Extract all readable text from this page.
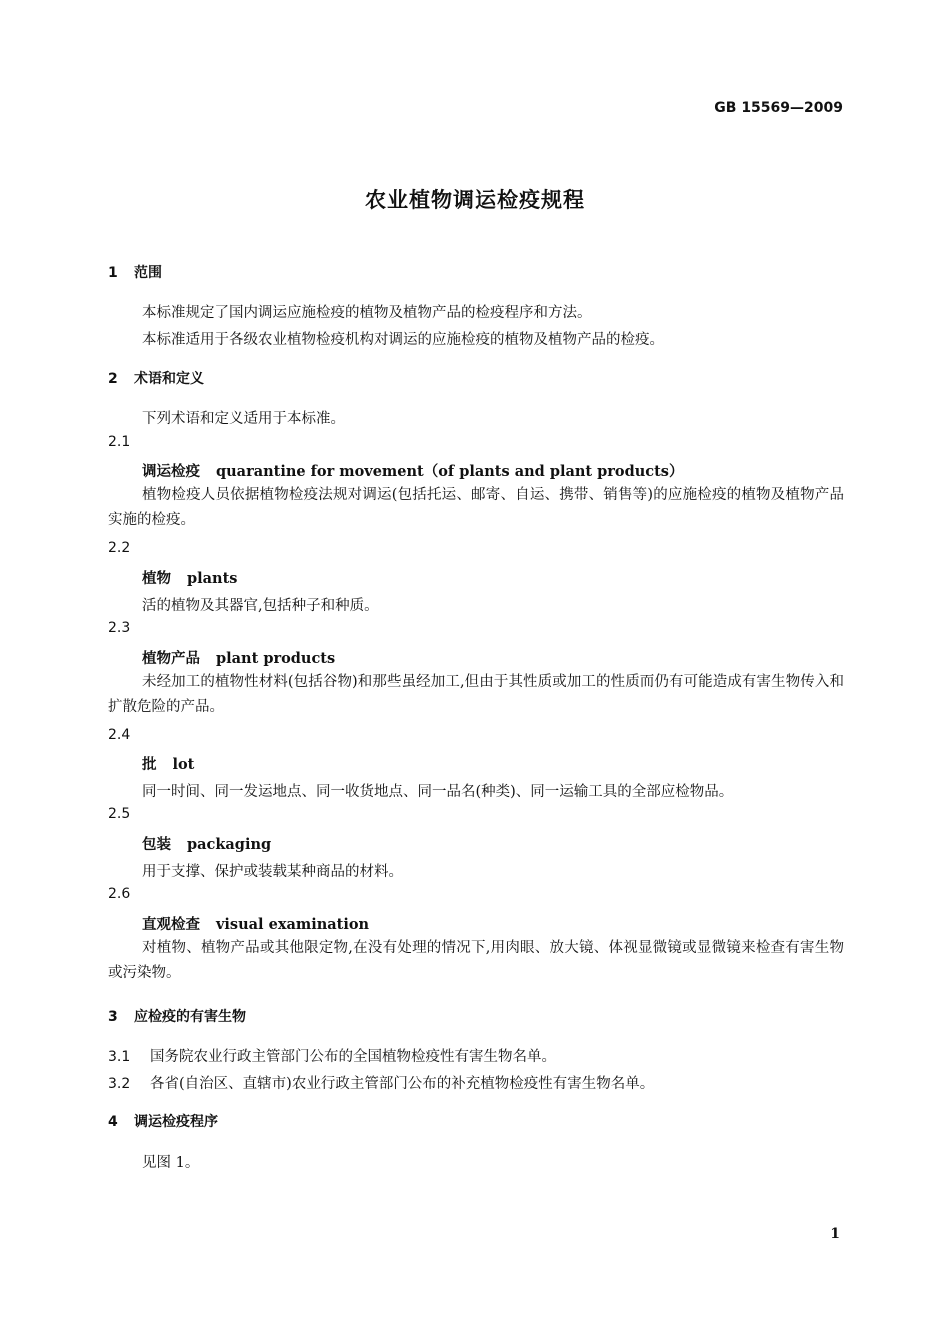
GB 15569—2009
农业植物调运检疫规程
1 范围
本标准规定了国内调运应施检疫的植物及植物产品的检疫程序和方法。
本标准适用于各级农业植物检疫机构对调运的应施检疫的植物及植物产品的检疫。
2 术语和定义
下列术语和定义适用于本标准。
2.1
调运检疫 quarantine for movement（of plants and plant products）
植物检疫人员依据植物检疫法规对调运(包括托运、邮寄、自运、携带、销售等)的应施检疫的植物及植物产品实施的检疫。
2.2
植物 plants
活的植物及其器官,包括种子和种质。
2.3
植物产品 plant products
未经加工的植物性材料(包括谷物)和那些虽经加工,但由于其性质或加工的性质而仍有可能造成有害生物传入和扩散危险的产品。
2.4
批 lot
同一时间、同一发运地点、同一收货地点、同一品名(种类)、同一运输工具的全部应检物品。
2.5
包装 packaging
用于支撑、保护或装载某种商品的材料。
2.6
直观检查 visual examination
对植物、植物产品或其他限定物,在没有处理的情况下,用肉眼、放大镜、体视显微镜或显微镜来检查有害生物或污染物。
3 应检疫的有害生物
3.1 国务院农业行政主管部门公布的全国植物检疫性有害生物名单。
3.2 各省(自治区、直辖市)农业行政主管部门公布的补充植物检疫性有害生物名单。
4 调运检疫程序
见图 1。
1
